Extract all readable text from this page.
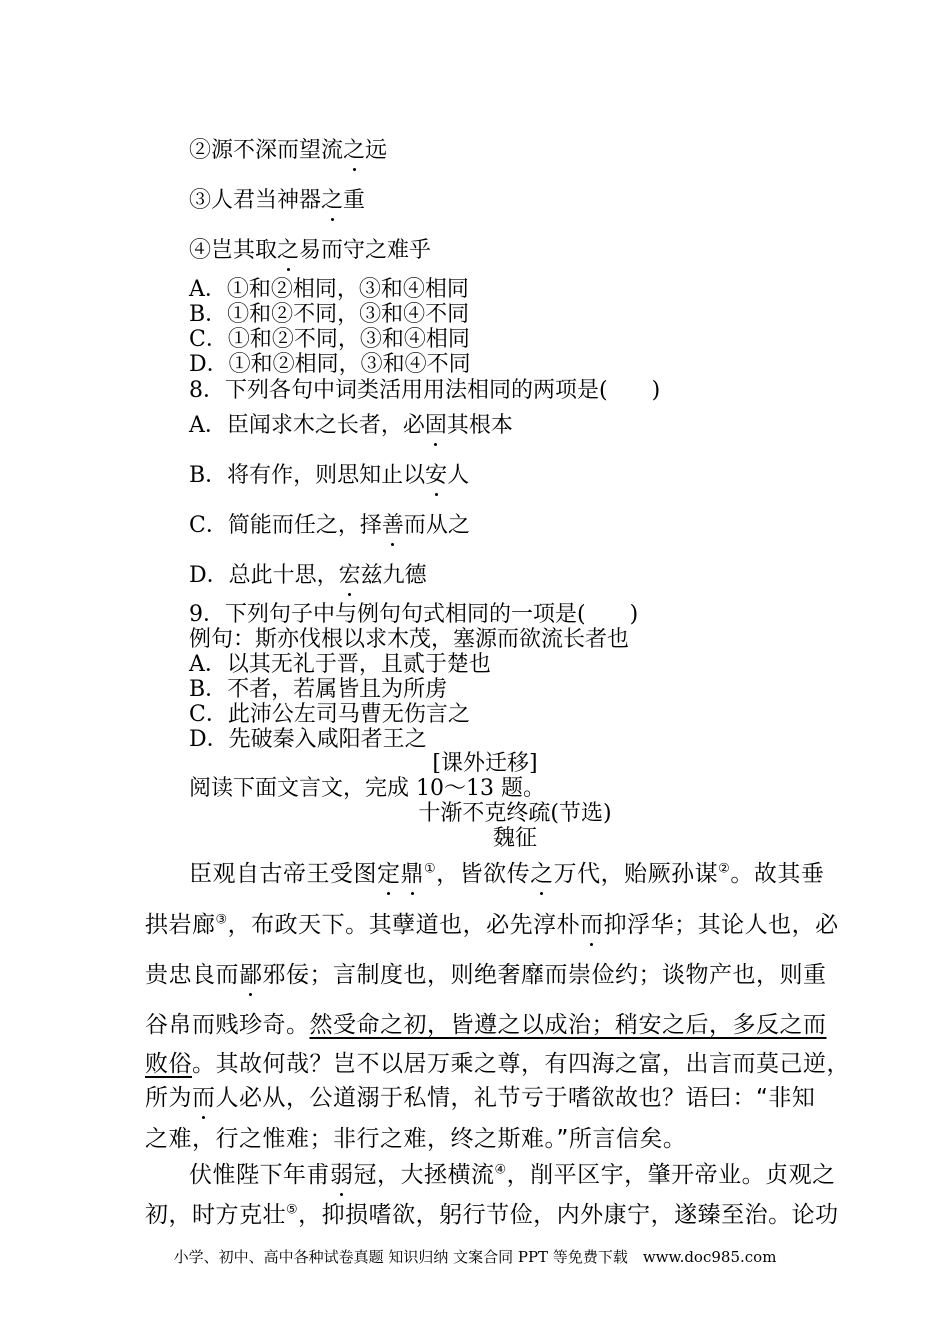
②源不深而望流之远
③人君当神器之重
④岂其取之易而守之难乎
A．①和②相同，③和④相同
B．①和②不同，③和④不同
C．①和②不同，③和④相同
D．①和②相同，③和④不同
8．下列各句中词类活用用法相同的两项是(　　)
A．臣闻求木之长者，必固其根本
B．将有作，则思知止以安人
C．简能而任之，择善而从之
D．总此十思，宏兹九德
9．下列句子中与例句句式相同的一项是(　　)
例句：斯亦伐根以求木茂，塞源而欲流长者也
A．以其无礼于晋，且贰于楚也
B．不者，若属皆且为所虏
C．此沛公左司马曹无伤言之
D．先破秦入咸阳者王之
[课外迁移]
阅读下面文言文，完成 10～13 题。
十渐不克终疏(节选)
魏征
臣观自古帝王受图定鼎①，皆欲传之万代，贻厥孙谋②。故其垂
拱岩廊③，布政天下。其孽道也，必先淳朴而抑浮华；其论人也，必
贵忠良而鄙邪佞；言制度也，则绝奢靡而崇俭约；谈物产也，则重
谷帛而贱珍奇。然受命之初，皆遵之以成治；稍安之后，多反之而
败俗。其故何哉？岂不以居万乘之尊，有四海之富，出言而莫己逆，
所为而人必从，公道溺于私情，礼节亏于嗜欲故也？语曰：“非知
之难，行之惟难；非行之难，终之斯难。”所言信矣。
伏惟陛下年甫弱冠，大拯横流④，削平区宇，肇开帝业。贞观之
初，时方克壮⑤，抑损嗜欲，躬行节俭，内外康宁，遂臻至治。论功
小学、初中、高中各种试卷真题 知识归纳 文案合同 PPT 等免费下载　www.doc985.com
